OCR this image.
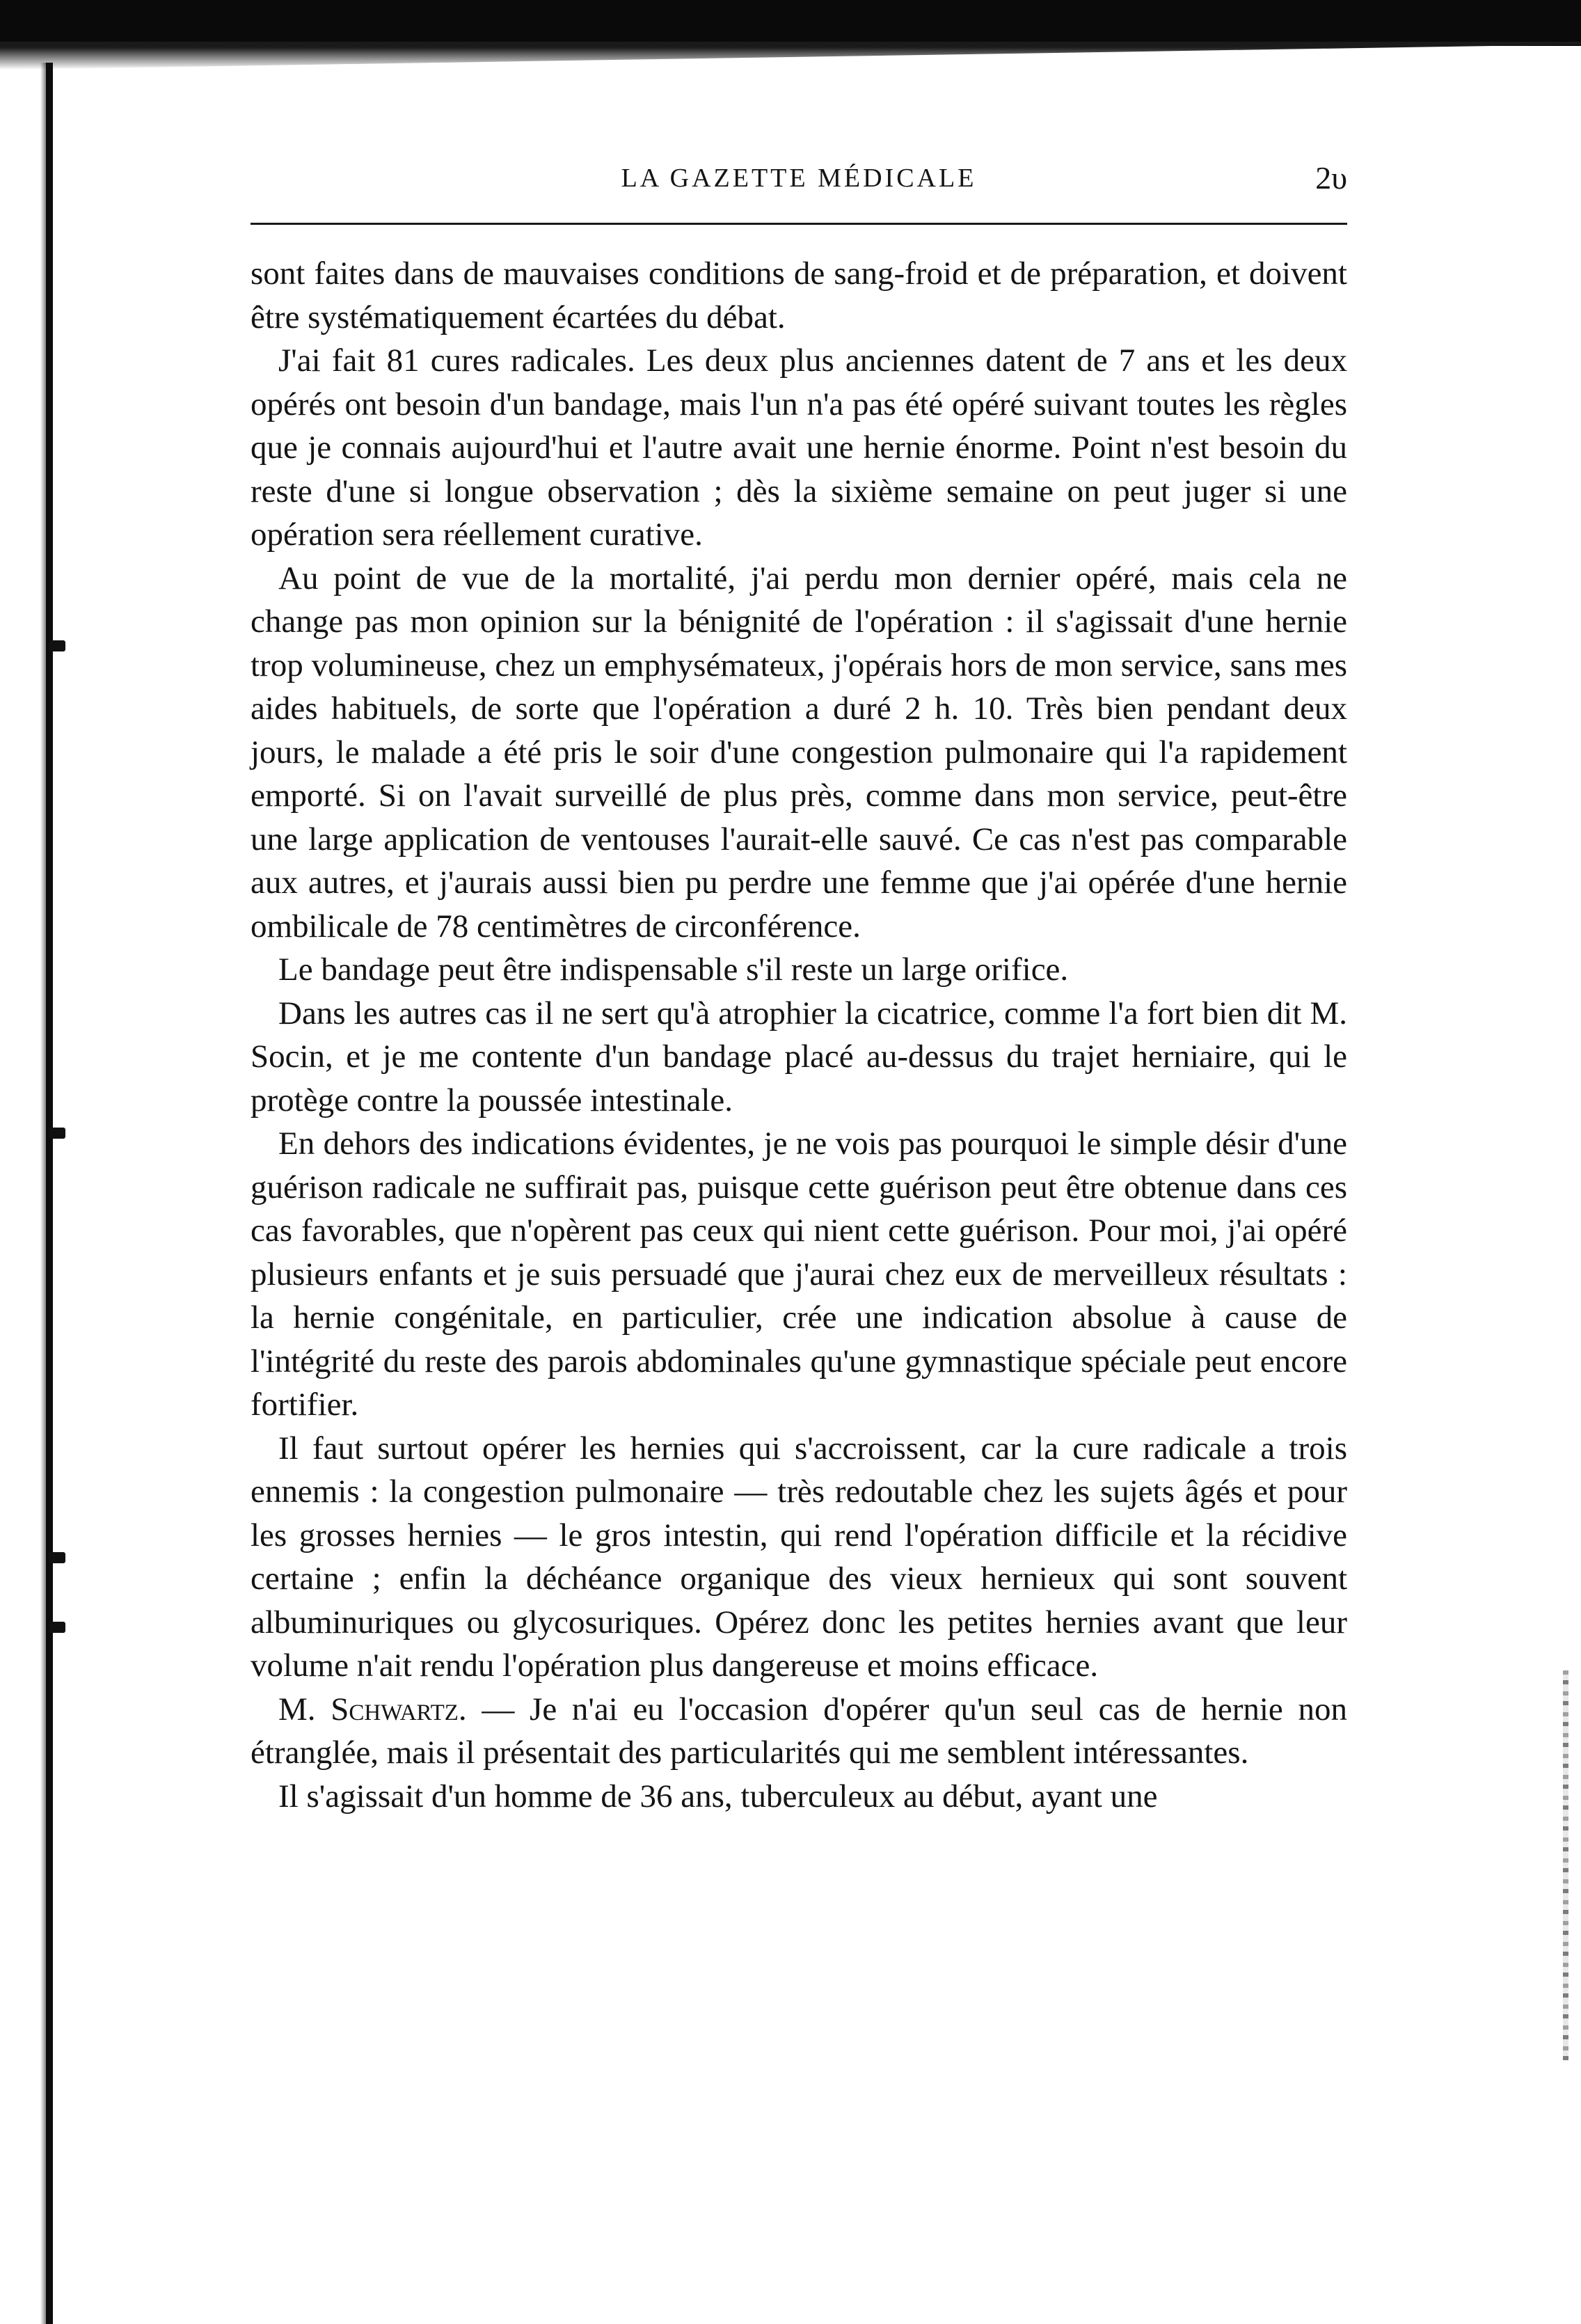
LA GAZETTE MÉDICALE	2υ

sont faites dans de mauvaises conditions de sang-froid et de préparation, et doivent être systématiquement écartées du débat.

J'ai fait 81 cures radicales. Les deux plus anciennes datent de 7 ans et les deux opérés ont besoin d'un bandage, mais l'un n'a pas été opéré suivant toutes les règles que je connais aujourd'hui et l'autre avait une hernie énorme. Point n'est besoin du reste d'une si longue observation ; dès la sixième semaine on peut juger si une opération sera réellement curative.

Au point de vue de la mortalité, j'ai perdu mon dernier opéré, mais cela ne change pas mon opinion sur la bénignité de l'opération : il s'agissait d'une hernie trop volumineuse, chez un emphysémateux, j'opérais hors de mon service, sans mes aides habituels, de sorte que l'opération a duré 2 h. 10. Très bien pendant deux jours, le malade a été pris le soir d'une congestion pulmonaire qui l'a rapidement emporté. Si on l'avait surveillé de plus près, comme dans mon service, peut-être une large application de ventouses l'aurait-elle sauvé. Ce cas n'est pas comparable aux autres, et j'aurais aussi bien pu perdre une femme que j'ai opérée d'une hernie ombilicale de 78 centimètres de circonférence.

Le bandage peut être indispensable s'il reste un large orifice.

Dans les autres cas il ne sert qu'à atrophier la cicatrice, comme l'a fort bien dit M. Socin, et je me contente d'un bandage placé au-dessus du trajet herniaire, qui le protège contre la poussée intestinale.

En dehors des indications évidentes, je ne vois pas pourquoi le simple désir d'une guérison radicale ne suffirait pas, puisque cette guérison peut être obtenue dans ces cas favorables, que n'opèrent pas ceux qui nient cette guérison. Pour moi, j'ai opéré plusieurs enfants et je suis persuadé que j'aurai chez eux de merveilleux résultats : la hernie congénitale, en particulier, crée une indication absolue à cause de l'intégrité du reste des parois abdominales qu'une gymnastique spéciale peut encore fortifier.

Il faut surtout opérer les hernies qui s'accroissent, car la cure radicale a trois ennemis : la congestion pulmonaire — très redoutable chez les sujets âgés et pour les grosses hernies — le gros intestin, qui rend l'opération difficile et la récidive certaine ; enfin la déchéance organique des vieux hernieux qui sont souvent albuminuriques ou glycosuriques. Opérez donc les petites hernies avant que leur volume n'ait rendu l'opération plus dangereuse et moins efficace.

M. Schwartz. — Je n'ai eu l'occasion d'opérer qu'un seul cas de hernie non étranglée, mais il présentait des particularités qui me semblent intéressantes.

Il s'agissait d'un homme de 36 ans, tuberculeux au début, ayant une
